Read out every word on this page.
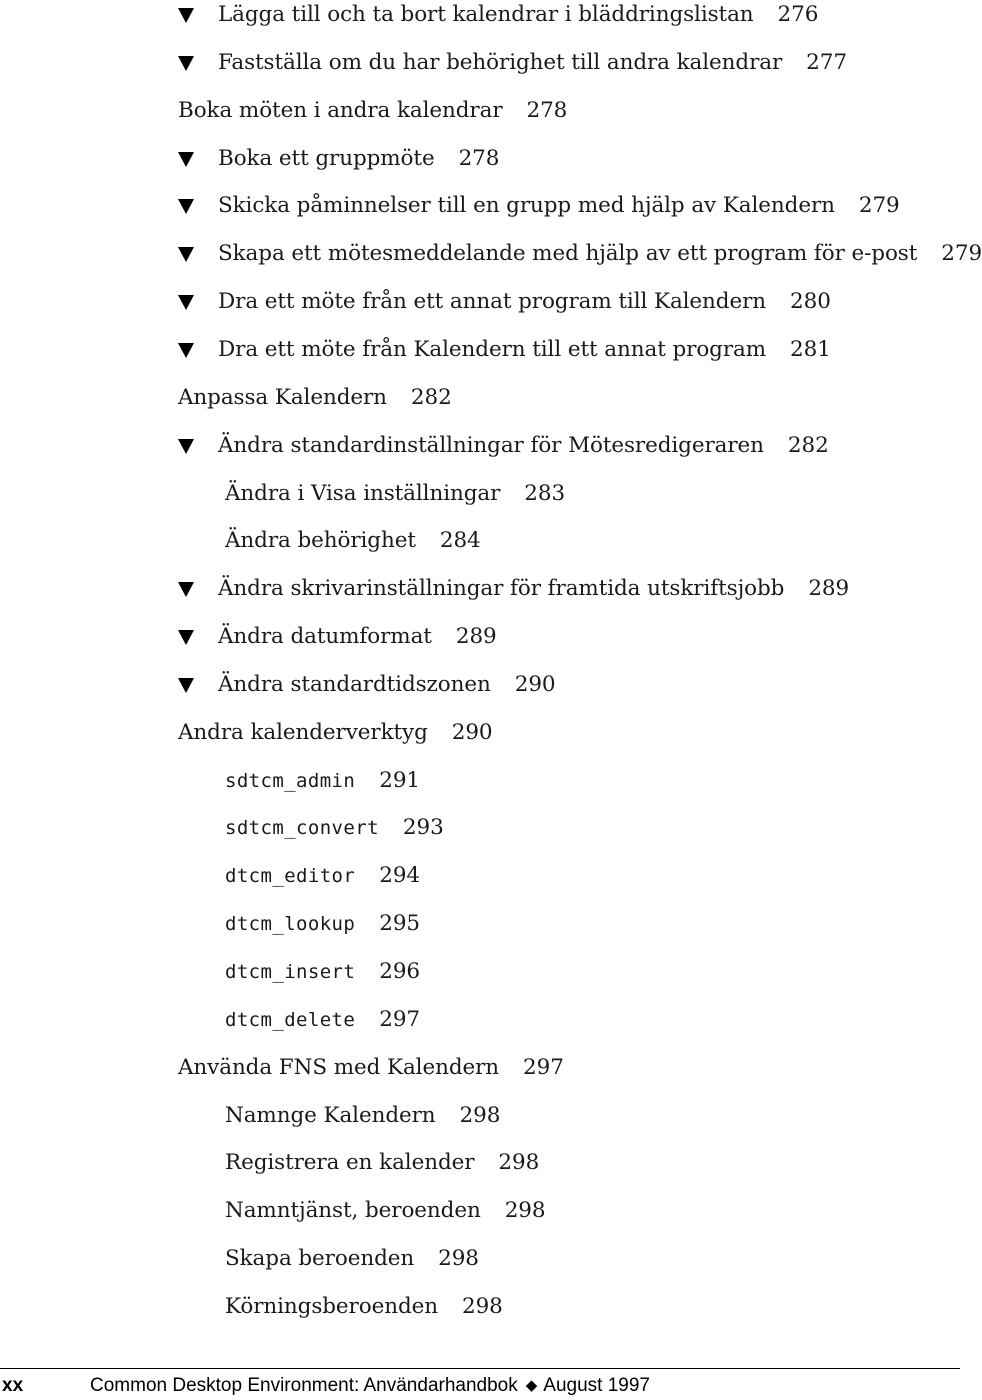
Lägga till och ta bort kalendrar i bläddringslistan 276
Fastställa om du har behörighet till andra kalendrar 277
Boka möten i andra kalendrar 278
Boka ett gruppmöte 278
Skicka påminnelser till en grupp med hjälp av Kalendern 279
Skapa ett mötesmeddelande med hjälp av ett program för e-post 279
Dra ett möte från ett annat program till Kalendern 280
Dra ett möte från Kalendern till ett annat program 281
Anpassa Kalendern 282
Ändra standardinställningar för Mötesredigeraren 282
Ändra i Visa inställningar 283
Ändra behörighet 284
Ändra skrivarinställningar för framtida utskriftsjobb 289
Ändra datumformat 289
Ändra standardtidszonen 290
Andra kalenderverktyg 290
sdtcm_admin 291
sdtcm_convert 293
dtcm_editor 294
dtcm_lookup 295
dtcm_insert 296
dtcm_delete 297
Använda FNS med Kalendern 297
Namnge Kalendern 298
Registrera en kalender 298
Namntjänst, beroenden 298
Skapa beroenden 298
Körningsberoenden 298
xx	Common Desktop Environment: Användarhandbok ◆ August 1997
